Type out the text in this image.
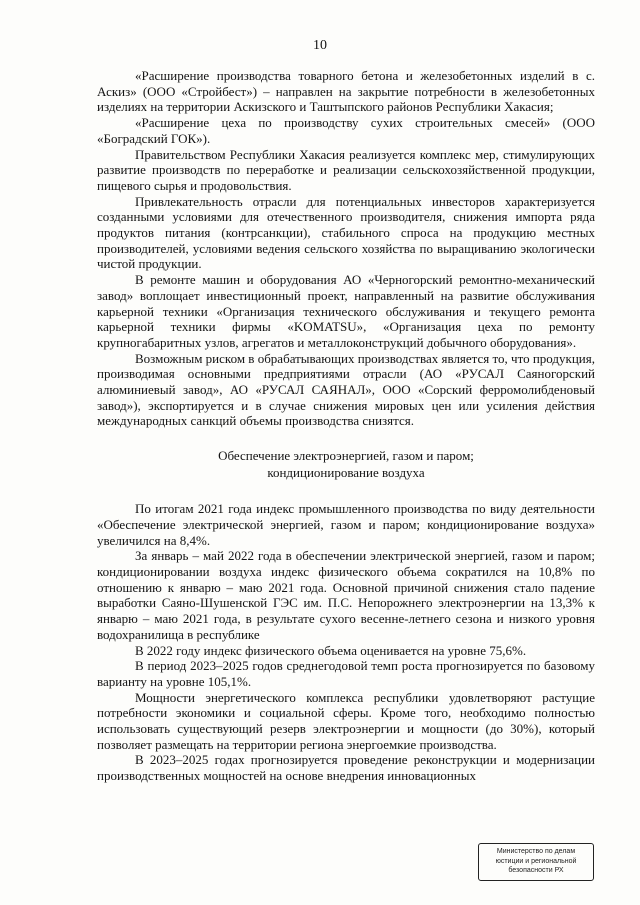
10

«Расширение производства товарного бетона и железобетонных изделий в с. Аскиз» (ООО «Стройбест») – направлен на закрытие потребности в железобетонных изделиях на территории Аскизского и Таштыпского районов Республики Хакасия;

«Расширение цеха по производству сухих строительных смесей» (ООО «Боградский ГОК»).

Правительством Республики Хакасия реализуется комплекс мер, стимулирующих развитие производств по переработке и реализации сельскохозяйственной продукции, пищевого сырья и продовольствия.

Привлекательность отрасли для потенциальных инвесторов характеризуется созданными условиями для отечественного производителя, снижения импорта ряда продуктов питания (контрсанкции), стабильного спроса на продукцию местных производителей, условиями ведения сельского хозяйства по выращиванию экологически чистой продукции.

В ремонте машин и оборудования АО «Черногорский ремонтно-механический завод» воплощает инвестиционный проект, направленный на развитие обслуживания карьерной техники «Организация технического обслуживания и текущего ремонта карьерной техники фирмы «KOMATSU», «Организация цеха по ремонту крупногабаритных узлов, агрегатов и металлоконструкций добычного оборудования».

Возможным риском в обрабатывающих производствах является то, что продукция, производимая основными предприятиями отрасли (АО «РУСАЛ Саяногорский алюминиевый завод», АО «РУСАЛ САЯНАЛ», ООО «Сорский ферромолибденовый завод»), экспортируется и в случае снижения мировых цен или усиления действия международных санкций объемы производства снизятся.

Обеспечение электроэнергией, газом и паром;
кондиционирование воздуха

По итогам 2021 года индекс промышленного производства по виду деятельности «Обеспечение электрической энергией, газом и паром; кондиционирование воздуха» увеличился на 8,4%.

За январь – май 2022 года в обеспечении электрической энергией, газом и паром; кондиционировании воздуха индекс физического объема сократился на 10,8% по отношению к январю – маю 2021 года. Основной причиной снижения стало падение выработки Саяно-Шушенской ГЭС им. П.С. Непорожнего электроэнергии на 13,3% к январю – маю 2021 года, в результате сухого весенне-летнего сезона и низкого уровня водохранилища в республике

В 2022 году индекс физического объема оценивается на уровне 75,6%.

В период 2023–2025 годов среднегодовой темп роста прогнозируется по базовому варианту на уровне 105,1%.

Мощности энергетического комплекса республики удовлетворяют растущие потребности экономики и социальной сферы. Кроме того, необходимо полностью использовать существующий резерв электроэнергии и мощности (до 30%), который позволяет размещать на территории региона энергоемкие производства.

В 2023–2025 годах прогнозируется проведение реконструкции и модернизации производственных мощностей на основе внедрения инновационных

Министерство по делам
юстиции и региональной
безопасности РХ
